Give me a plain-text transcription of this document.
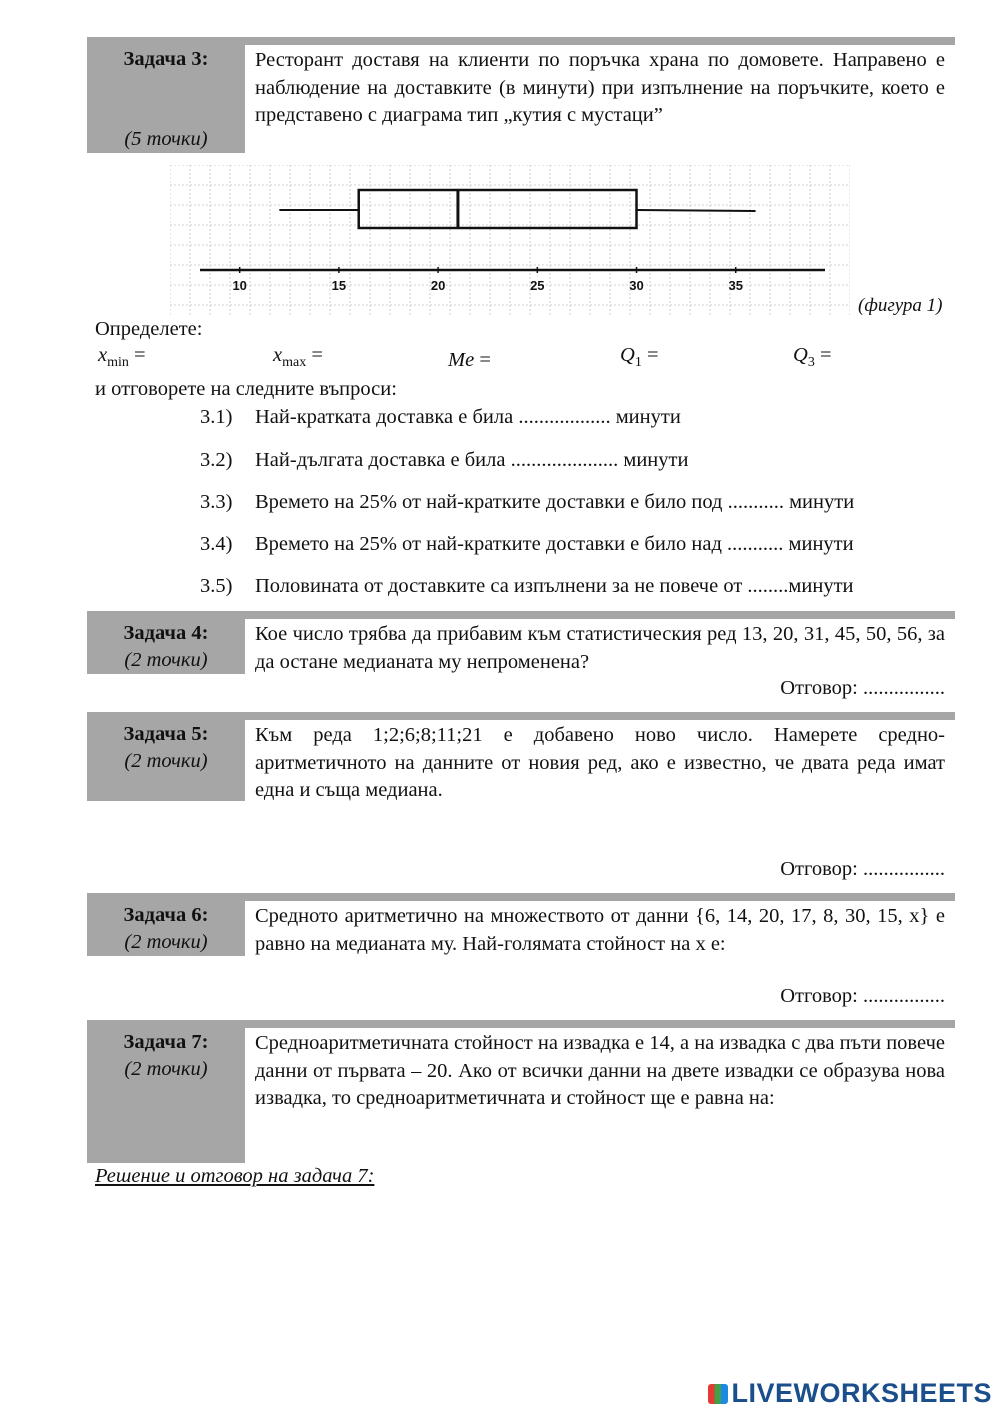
Задача 3:
(5 точки)
Ресторант доставя на клиенти по поръчка храна по домовете. Направено е наблюдение на доставките (в минути) при изпълнение на поръчките, което е представено с диаграма тип „кутия с мустаци”
10	15	20	25	30	35
(фигура 1)
Определете:
$x_{min}$ =	$x_{max}$ =	Me =	$Q_1$ =	$Q_3$ =
и отговорете на следните въпроси:
3.1) Най-кратката доставка е била .................. минути
3.2) Най-дългата доставка е била ..................... минути
3.3) Времето на 25% от най-кратките доставки е било под ........... минути
3.4) Времето на 25% от най-кратките доставки е било над ........... минути
3.5) Половината от доставките са изпълнени за не повече от ........минути
Задача 4:
(2 точки)
Кое число трябва да прибавим към статистическия ред 13, 20, 31, 45, 50, 56, за да остане медианата му непроменена?
Отговор: ................
Задача 5:
(2 точки)
Към реда 1;2;6;8;11;21 е добавено ново число. Намерете средно-аритметичното на данните от новия ред, ако е известно, че двата реда имат една и съща медиана.
Отговор: ................
Задача 6:
(2 точки)
Средното аритметично на множеството от данни {6, 14, 20, 17, 8, 30, 15, x} е равно на медианата му. Най-голямата стойност на x е:
Отговор: ................
Задача 7:
(2 точки)
Средноаритметичната стойност на извадка е 14, а на извадка с два пъти повече данни от първата – 20. Ако от всички данни на двете извадки се образува нова извадка, то средноаритметичната и стойност ще е равна на:
Решение и отговор на задача 7:
LIVEWORKSHEETS
